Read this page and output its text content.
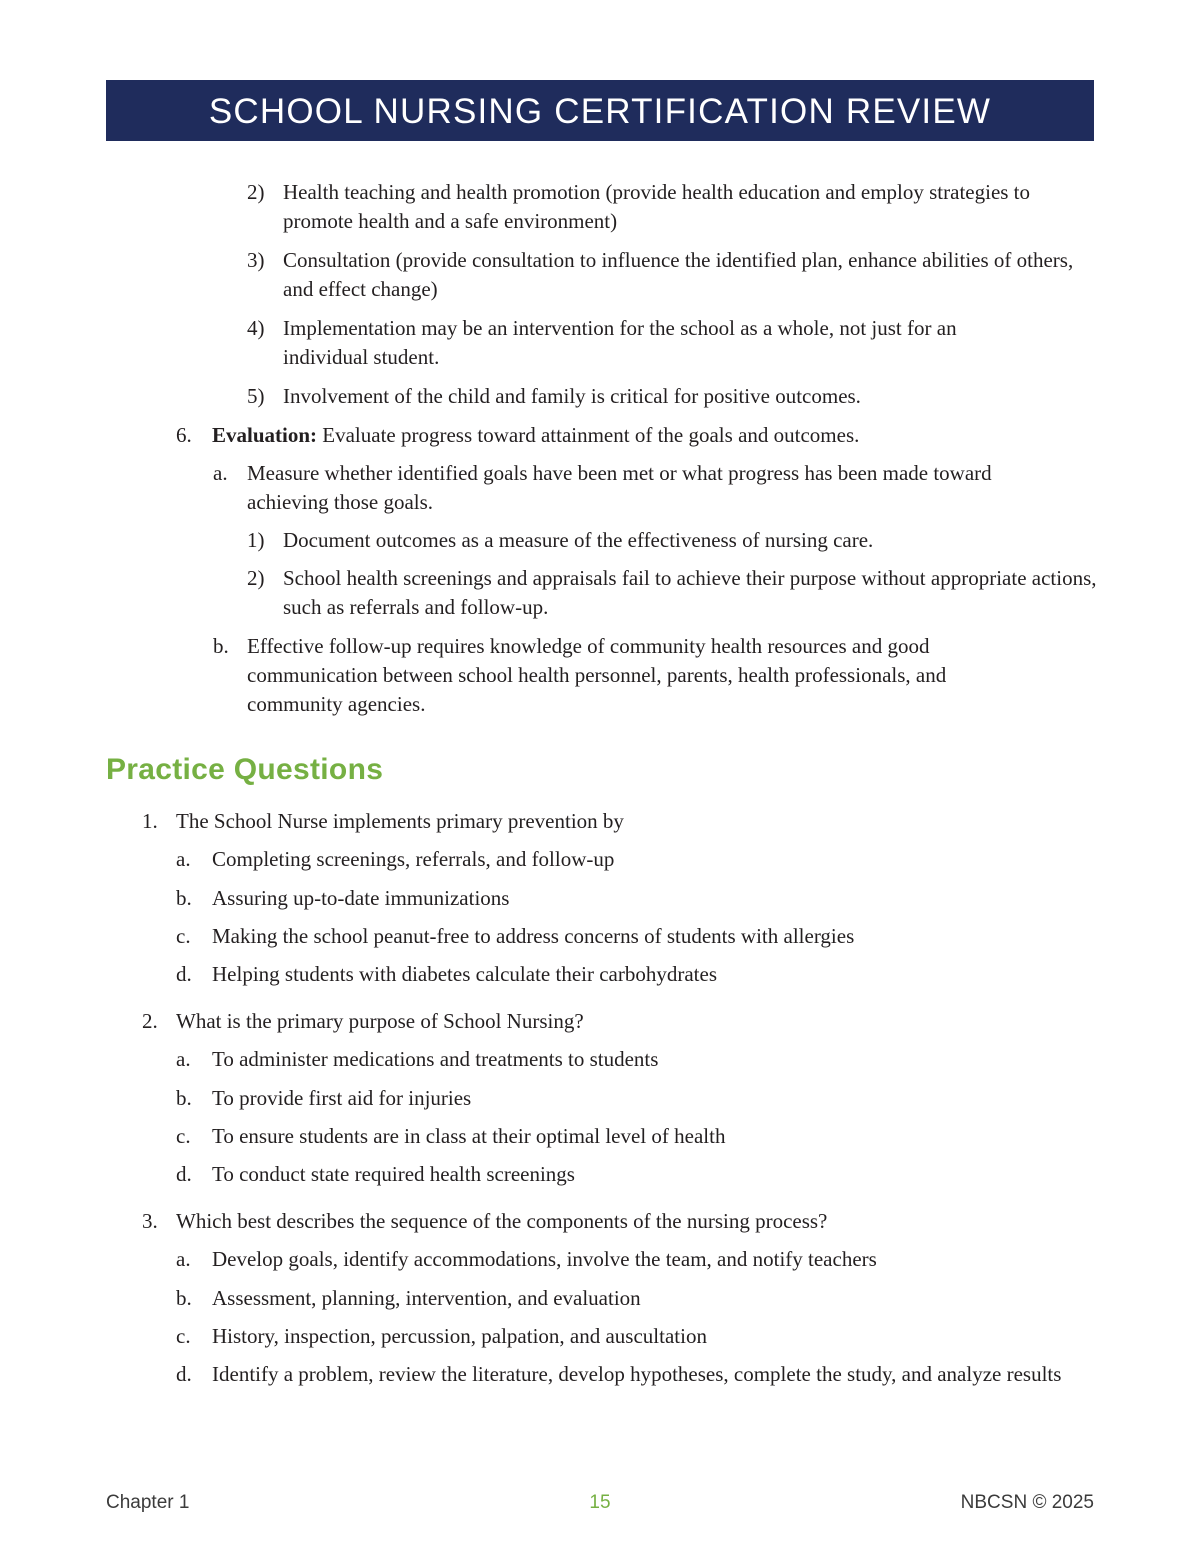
SCHOOL NURSING CERTIFICATION REVIEW
2) Health teaching and health promotion (provide health education and employ strategies to promote health and a safe environment)
3) Consultation (provide consultation to influence the identified plan, enhance abilities of others, and effect change)
4) Implementation may be an intervention for the school as a whole, not just for an individual student.
5) Involvement of the child and family is critical for positive outcomes.
6. Evaluation: Evaluate progress toward attainment of the goals and outcomes.
a. Measure whether identified goals have been met or what progress has been made toward achieving those goals.
1) Document outcomes as a measure of the effectiveness of nursing care.
2) School health screenings and appraisals fail to achieve their purpose without appropriate actions, such as referrals and follow-up.
b. Effective follow-up requires knowledge of community health resources and good communication between school health personnel, parents, health professionals, and community agencies.
Practice Questions
1. The School Nurse implements primary prevention by
a. Completing screenings, referrals, and follow-up
b. Assuring up-to-date immunizations
c. Making the school peanut-free to address concerns of students with allergies
d. Helping students with diabetes calculate their carbohydrates
2. What is the primary purpose of School Nursing?
a. To administer medications and treatments to students
b. To provide first aid for injuries
c. To ensure students are in class at their optimal level of health
d. To conduct state required health screenings
3. Which best describes the sequence of the components of the nursing process?
a. Develop goals, identify accommodations, involve the team, and notify teachers
b. Assessment, planning, intervention, and evaluation
c. History, inspection, percussion, palpation, and auscultation
d. Identify a problem, review the literature, develop hypotheses, complete the study, and analyze results
Chapter 1	15	NBCSN © 2025
